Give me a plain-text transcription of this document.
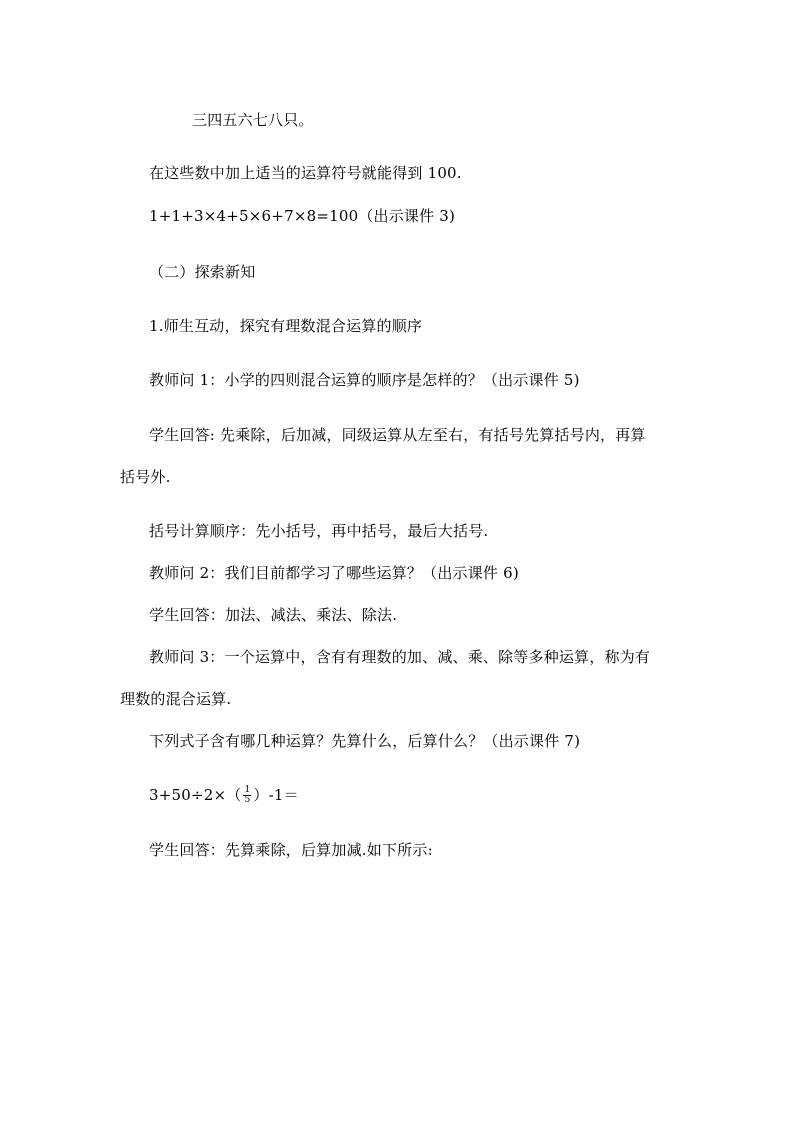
三四五六七八只。
在这些数中加上适当的运算符号就能得到 100.
1+1+3×4+5×6+7×8=100（出示课件 3)
（二）探索新知
1.师生互动，探究有理数混合运算的顺序
教师问 1：小学的四则混合运算的顺序是怎样的？（出示课件 5)
学生回答: 先乘除，后加减，同级运算从左至右，有括号先算括号内，再算
括号外.
括号计算顺序：先小括号，再中括号，最后大括号.
教师问 2：我们目前都学习了哪些运算？（出示课件 6)
学生回答：加法、减法、乘法、除法.
教师问 3：一个运算中，含有有理数的加、减、乘、除等多种运算，称为有
理数的混合运算.
下列式子含有哪几种运算？先算什么，后算什么？（出示课件 7)
$3+50\div 2\times( \frac{1}{5} )-1=$
学生回答：先算乘除，后算加减.如下所示:
